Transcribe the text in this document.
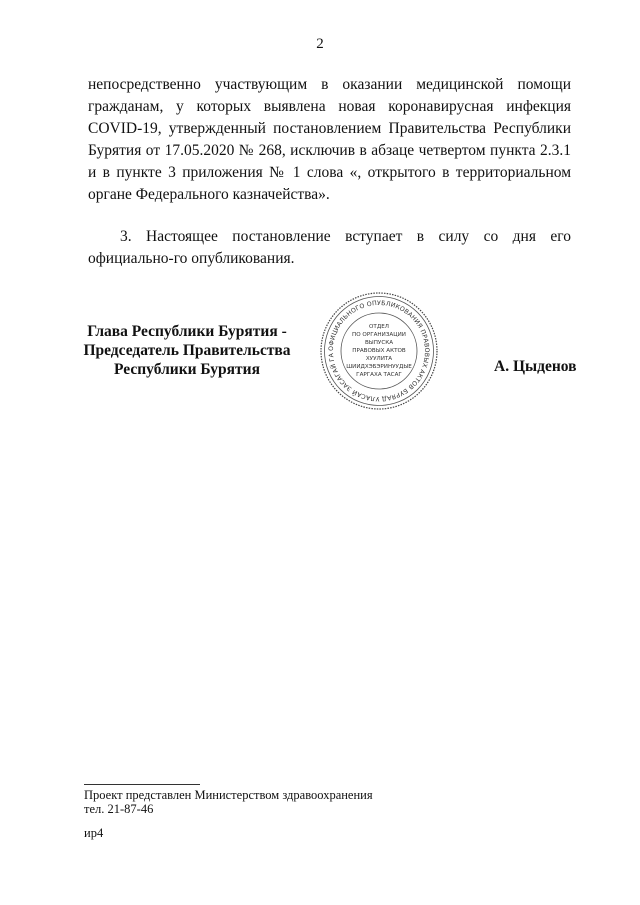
2

непосредственно участвующим в оказании медицинской помощи гражданам, у которых выявлена новая коронавирусная инфекция COVID-19, утвержденный постановлением Правительства Республики Бурятия от 17.05.2020 № 268, исключив в абзаце четвертом пункта 2.3.1 и в пункте 3 приложения № 1 слова «, открытого в территориальном органе Федерального казначейства».

3. Настоящее постановление вступает в силу со дня его официально-го опубликования.

Глава Республики Бурятия -
Председатель Правительства
Республики Бурятия
ОФИЦИАЛЬНОГО ОПУБЛИКОВАНИЯ ПРАВОВЫХ АКТОВ БУРЯАД УЛАСАЙ ЗАСАГАЙ ГА
ОТДЕЛ
ПО ОРГАНИЗАЦИИ
ВЫПУСКА
ПРАВОВЫХ АКТОВ
ХУУЛИТА
ШИИДХЭБЭРИНУУДЫЕ
ГАРГАХА ТАСАГ	А. Цыденов
Проект представлен Министерством здравоохранения
тел. 21-87-46
ир4
